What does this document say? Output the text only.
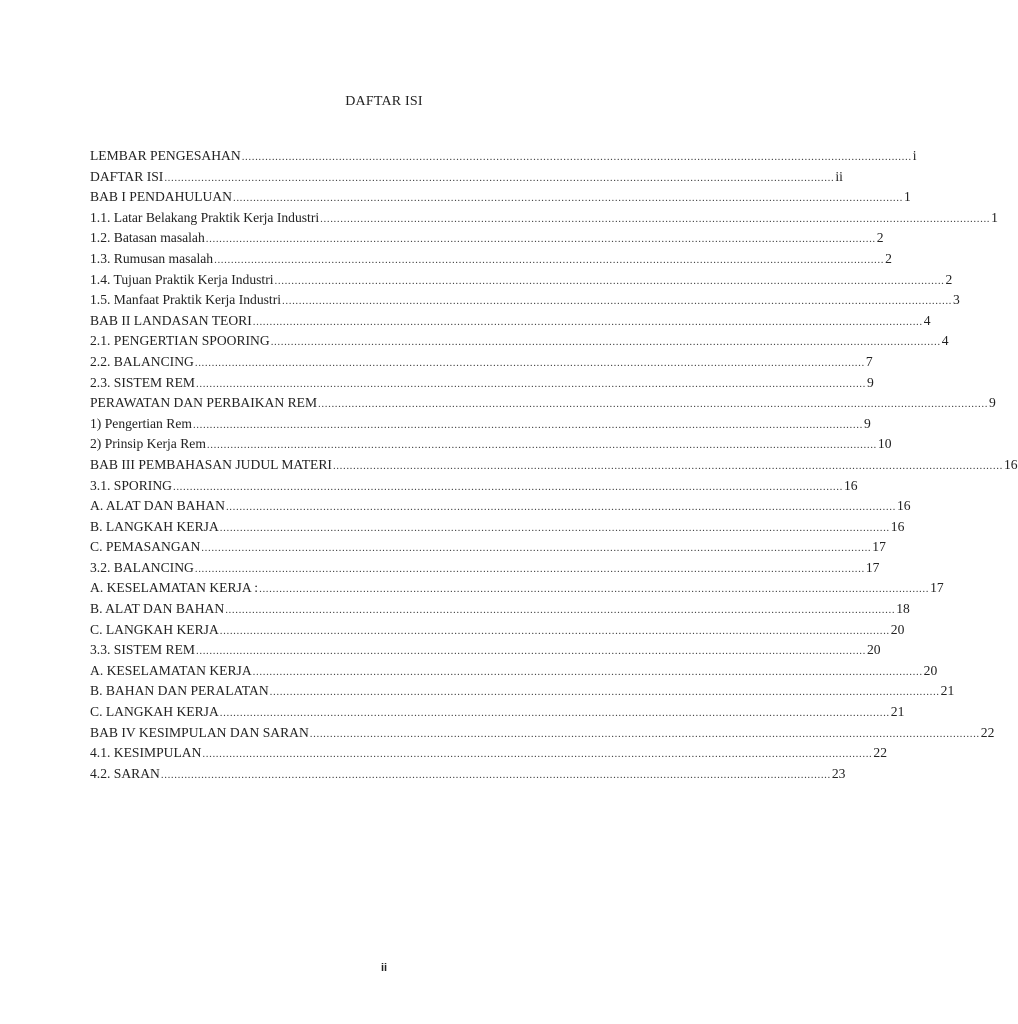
DAFTAR ISI
LEMBAR PENGESAHAN ........................................................................................................................................................................................................ i
DAFTAR ISI ........................................................................................................................................................................................................ ii
BAB I PENDAHULUAN ........................................................................................................................................................................................................ 1
1.1. Latar Belakang Praktik Kerja Industri ........................................................................................................................................................................................................ 1
1.2. Batasan masalah ........................................................................................................................................................................................................ 2
1.3. Rumusan masalah ........................................................................................................................................................................................................ 2
1.4. Tujuan Praktik Kerja Industri ........................................................................................................................................................................................................ 2
1.5. Manfaat Praktik Kerja Industri ........................................................................................................................................................................................................ 3
BAB II LANDASAN TEORI ........................................................................................................................................................................................................ 4
2.1. PENGERTIAN SPOORING ........................................................................................................................................................................................................ 4
2.2. BALANCING ........................................................................................................................................................................................................ 7
2.3. SISTEM REM ........................................................................................................................................................................................................ 9
PERAWATAN DAN PERBAIKAN REM ........................................................................................................................................................................................................ 9
1) Pengertian Rem ........................................................................................................................................................................................................ 9
2) Prinsip Kerja Rem ........................................................................................................................................................................................................ 10
BAB III PEMBAHASAN JUDUL MATERI ........................................................................................................................................................................................................ 16
3.1. SPORING ........................................................................................................................................................................................................ 16
A. ALAT DAN BAHAN ........................................................................................................................................................................................................ 16
B. LANGKAH KERJA ........................................................................................................................................................................................................ 16
C. PEMASANGAN ........................................................................................................................................................................................................ 17
3.2. BALANCING ........................................................................................................................................................................................................ 17
A. KESELAMATAN KERJA : ........................................................................................................................................................................................................ 17
B. ALAT DAN BAHAN ........................................................................................................................................................................................................ 18
C. LANGKAH KERJA ........................................................................................................................................................................................................ 20
3.3. SISTEM REM ........................................................................................................................................................................................................ 20
A. KESELAMATAN KERJA ........................................................................................................................................................................................................ 20
B. BAHAN DAN PERALATAN ........................................................................................................................................................................................................ 21
C. LANGKAH KERJA ........................................................................................................................................................................................................ 21
BAB IV KESIMPULAN DAN SARAN ........................................................................................................................................................................................................ 22
4.1. KESIMPULAN ........................................................................................................................................................................................................ 22
4.2. SARAN ........................................................................................................................................................................................................ 23
ii
